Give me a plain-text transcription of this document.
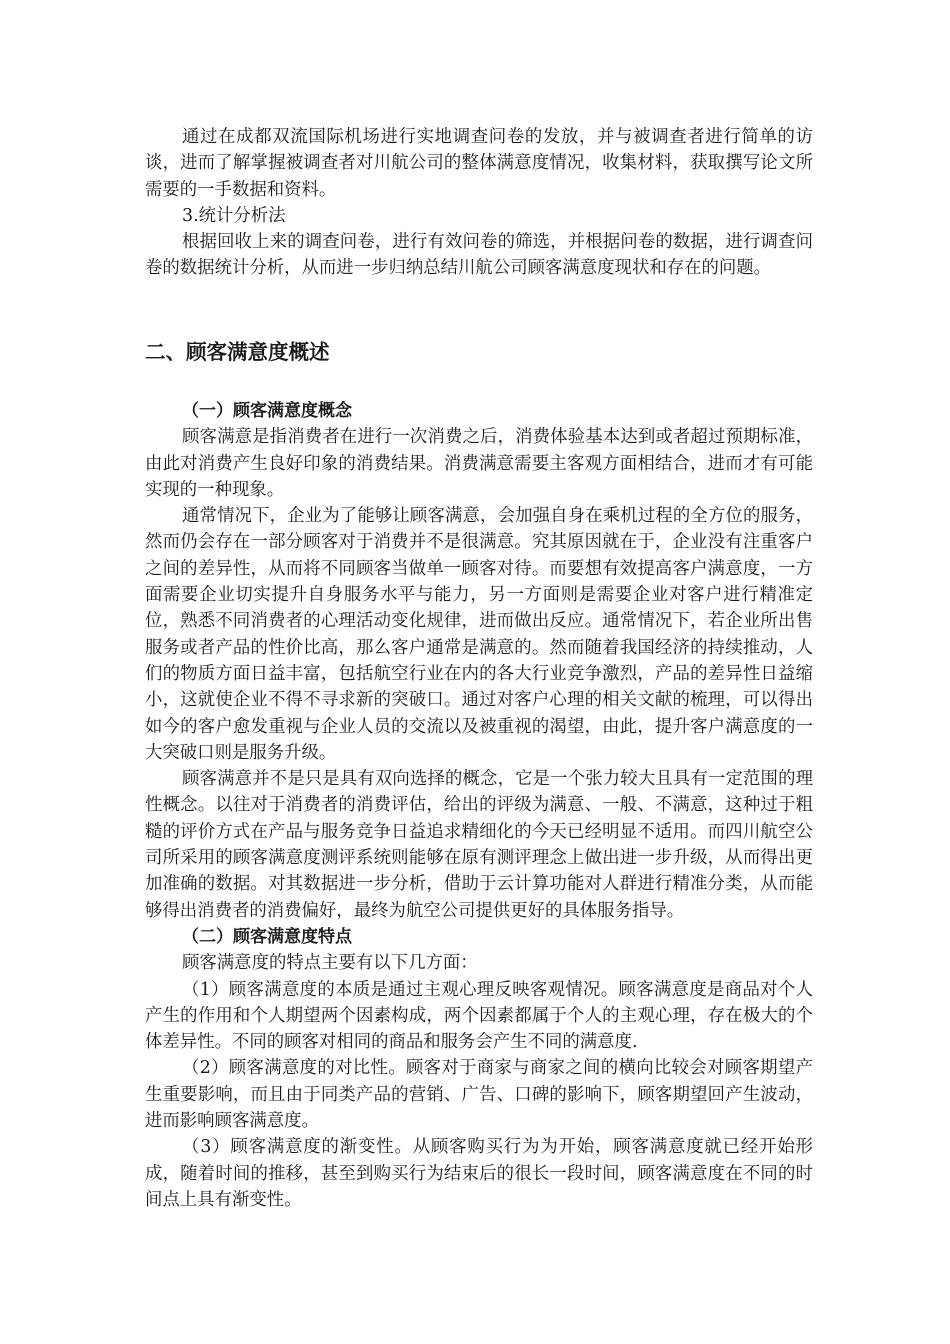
通过在成都双流国际机场进行实地调查问卷的发放，并与被调查者进行简单的访谈，进而了解掌握被调查者对川航公司的整体满意度情况，收集材料，获取撰写论文所需要的一手数据和资料。

3.统计分析法

根据回收上来的调查问卷，进行有效问卷的筛选，并根据问卷的数据，进行调查问卷的数据统计分析，从而进一步归纳总结川航公司顾客满意度现状和存在的问题。

二、顾客满意度概述
（一）顾客满意度概念

顾客满意是指消费者在进行一次消费之后，消费体验基本达到或者超过预期标准，由此对消费产生良好印象的消费结果。消费满意需要主客观方面相结合，进而才有可能实现的一种现象。

通常情况下，企业为了能够让顾客满意，会加强自身在乘机过程的全方位的服务，然而仍会存在一部分顾客对于消费并不是很满意。究其原因就在于，企业没有注重客户之间的差异性，从而将不同顾客当做单一顾客对待。而要想有效提高客户满意度，一方面需要企业切实提升自身服务水平与能力，另一方面则是需要企业对客户进行精准定位，熟悉不同消费者的心理活动变化规律，进而做出反应。通常情况下，若企业所出售服务或者产品的性价比高，那么客户通常是满意的。然而随着我国经济的持续推动，人们的物质方面日益丰富，包括航空行业在内的各大行业竞争激烈，产品的差异性日益缩小，这就使企业不得不寻求新的突破口。通过对客户心理的相关文献的梳理，可以得出如今的客户愈发重视与企业人员的交流以及被重视的渴望，由此，提升客户满意度的一大突破口则是服务升级。

顾客满意并不是只是具有双向选择的概念，它是一个张力较大且具有一定范围的理性概念。以往对于消费者的消费评估，给出的评级为满意、一般、不满意，这种过于粗糙的评价方式在产品与服务竞争日益追求精细化的今天已经明显不适用。而四川航空公司所采用的顾客满意度测评系统则能够在原有测评理念上做出进一步升级，从而得出更加准确的数据。对其数据进一步分析，借助于云计算功能对人群进行精准分类，从而能够得出消费者的消费偏好，最终为航空公司提供更好的具体服务指导。

（二）顾客满意度特点

顾客满意度的特点主要有以下几方面：

（1）顾客满意度的本质是通过主观心理反映客观情况。顾客满意度是商品对个人产生的作用和个人期望两个因素构成，两个因素都属于个人的主观心理，存在极大的个体差异性。不同的顾客对相同的商品和服务会产生不同的满意度.

（2）顾客满意度的对比性。顾客对于商家与商家之间的横向比较会对顾客期望产生重要影响，而且由于同类产品的营销、广告、口碑的影响下，顾客期望回产生波动，进而影响顾客满意度。

（3）顾客满意度的渐变性。从顾客购买行为为开始，顾客满意度就已经开始形成，随着时间的推移，甚至到购买行为结束后的很长一段时间，顾客满意度在不同的时间点上具有渐变性。
